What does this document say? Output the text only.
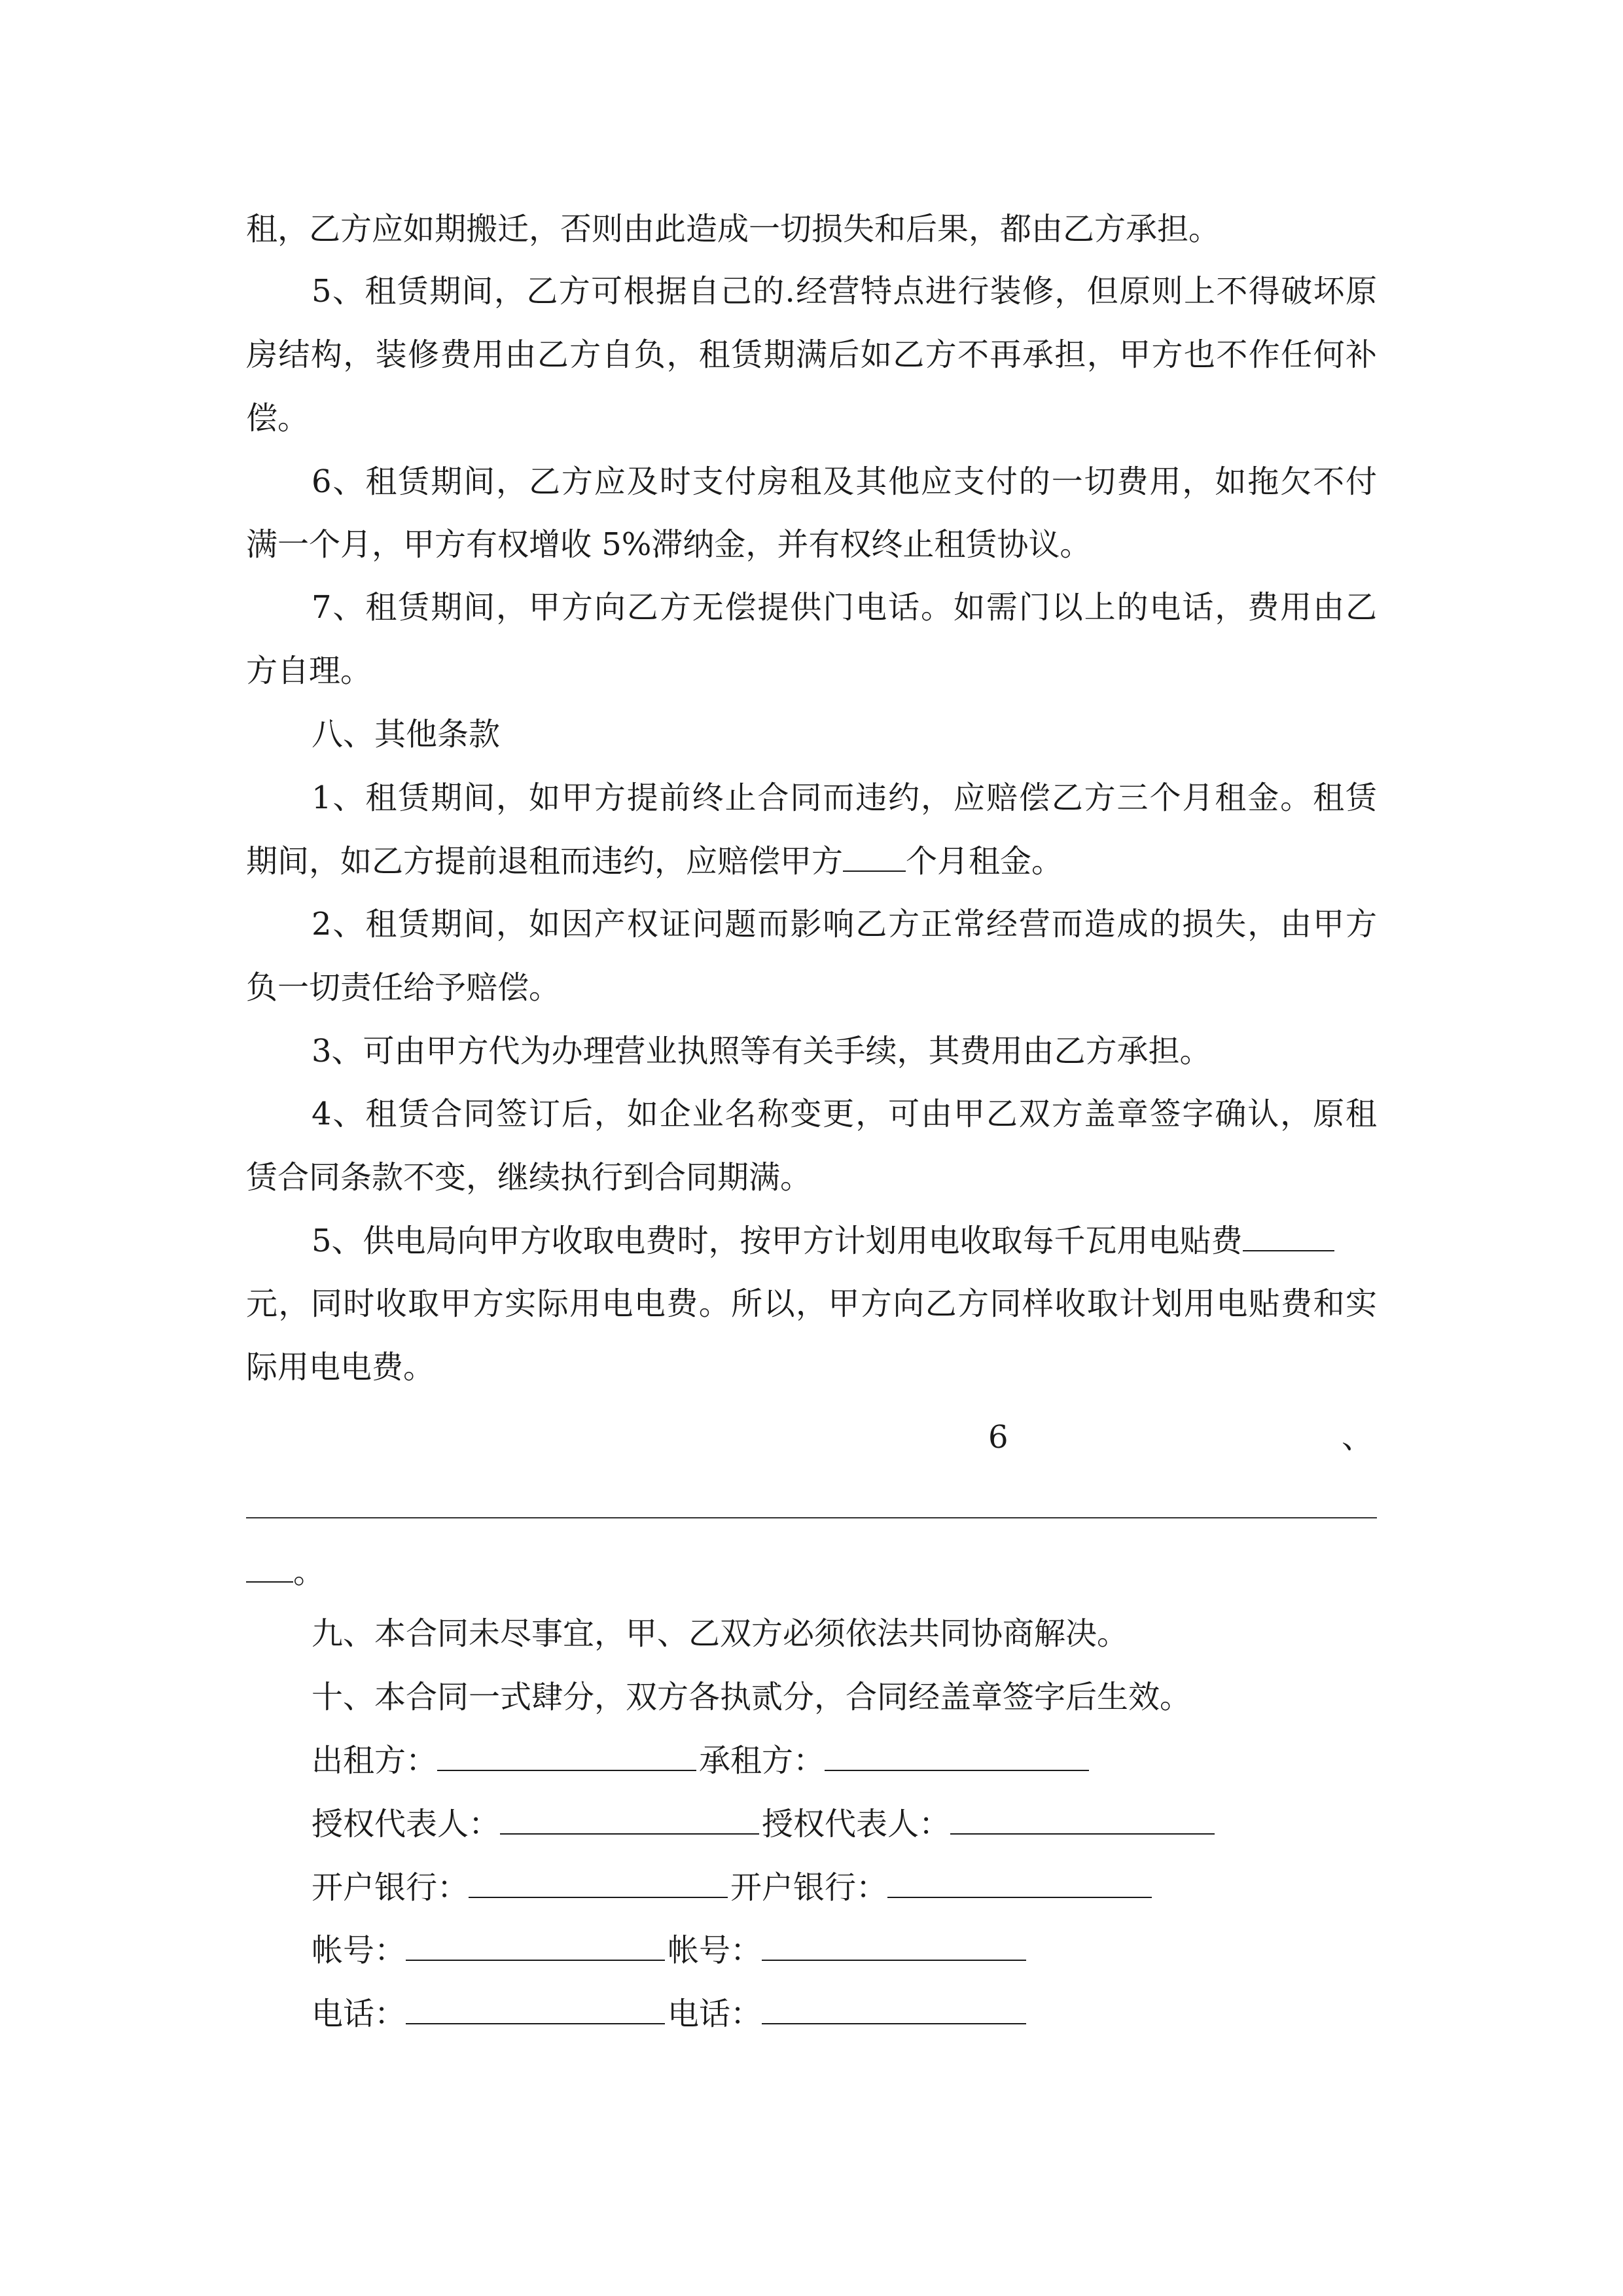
租，乙方应如期搬迁，否则由此造成一切损失和后果，都由乙方承担。
5、租赁期间，乙方可根据自己的.经营特点进行装修，但原则上不得破坏原
房结构，装修费用由乙方自负，租赁期满后如乙方不再承担，甲方也不作任何补
偿。
6、租赁期间，乙方应及时支付房租及其他应支付的一切费用，如拖欠不付
满一个月，甲方有权增收 5%滞纳金，并有权终止租赁协议。
7、租赁期间，甲方向乙方无偿提供门电话。如需门以上的电话，费用由乙
方自理。
八、其他条款
1、租赁期间，如甲方提前终止合同而违约，应赔偿乙方三个月租金。租赁
期间，如乙方提前退租而违约，应赔偿甲方 个月租金。
2、租赁期间，如因产权证问题而影响乙方正常经营而造成的损失，由甲方
负一切责任给予赔偿。
3、可由甲方代为办理营业执照等有关手续，其费用由乙方承担。
4、租赁合同签订后，如企业名称变更，可由甲乙双方盖章签字确认，原租
赁合同条款不变，继续执行到合同期满。
5、供电局向甲方收取电费时，按甲方计划用电收取每千瓦用电贴费
元，同时收取甲方实际用电电费。所以，甲方向乙方同样收取计划用电贴费和实
际用电电费。
6	、
。
九、本合同未尽事宜，甲、乙双方必须依法共同协商解决。
十、本合同一式肆分，双方各执贰分，合同经盖章签字后生效。
出租方：	承租方：
授权代表人：	授权代表人：
开户银行：	开户银行：
帐号：	帐号：
电话：	电话：
